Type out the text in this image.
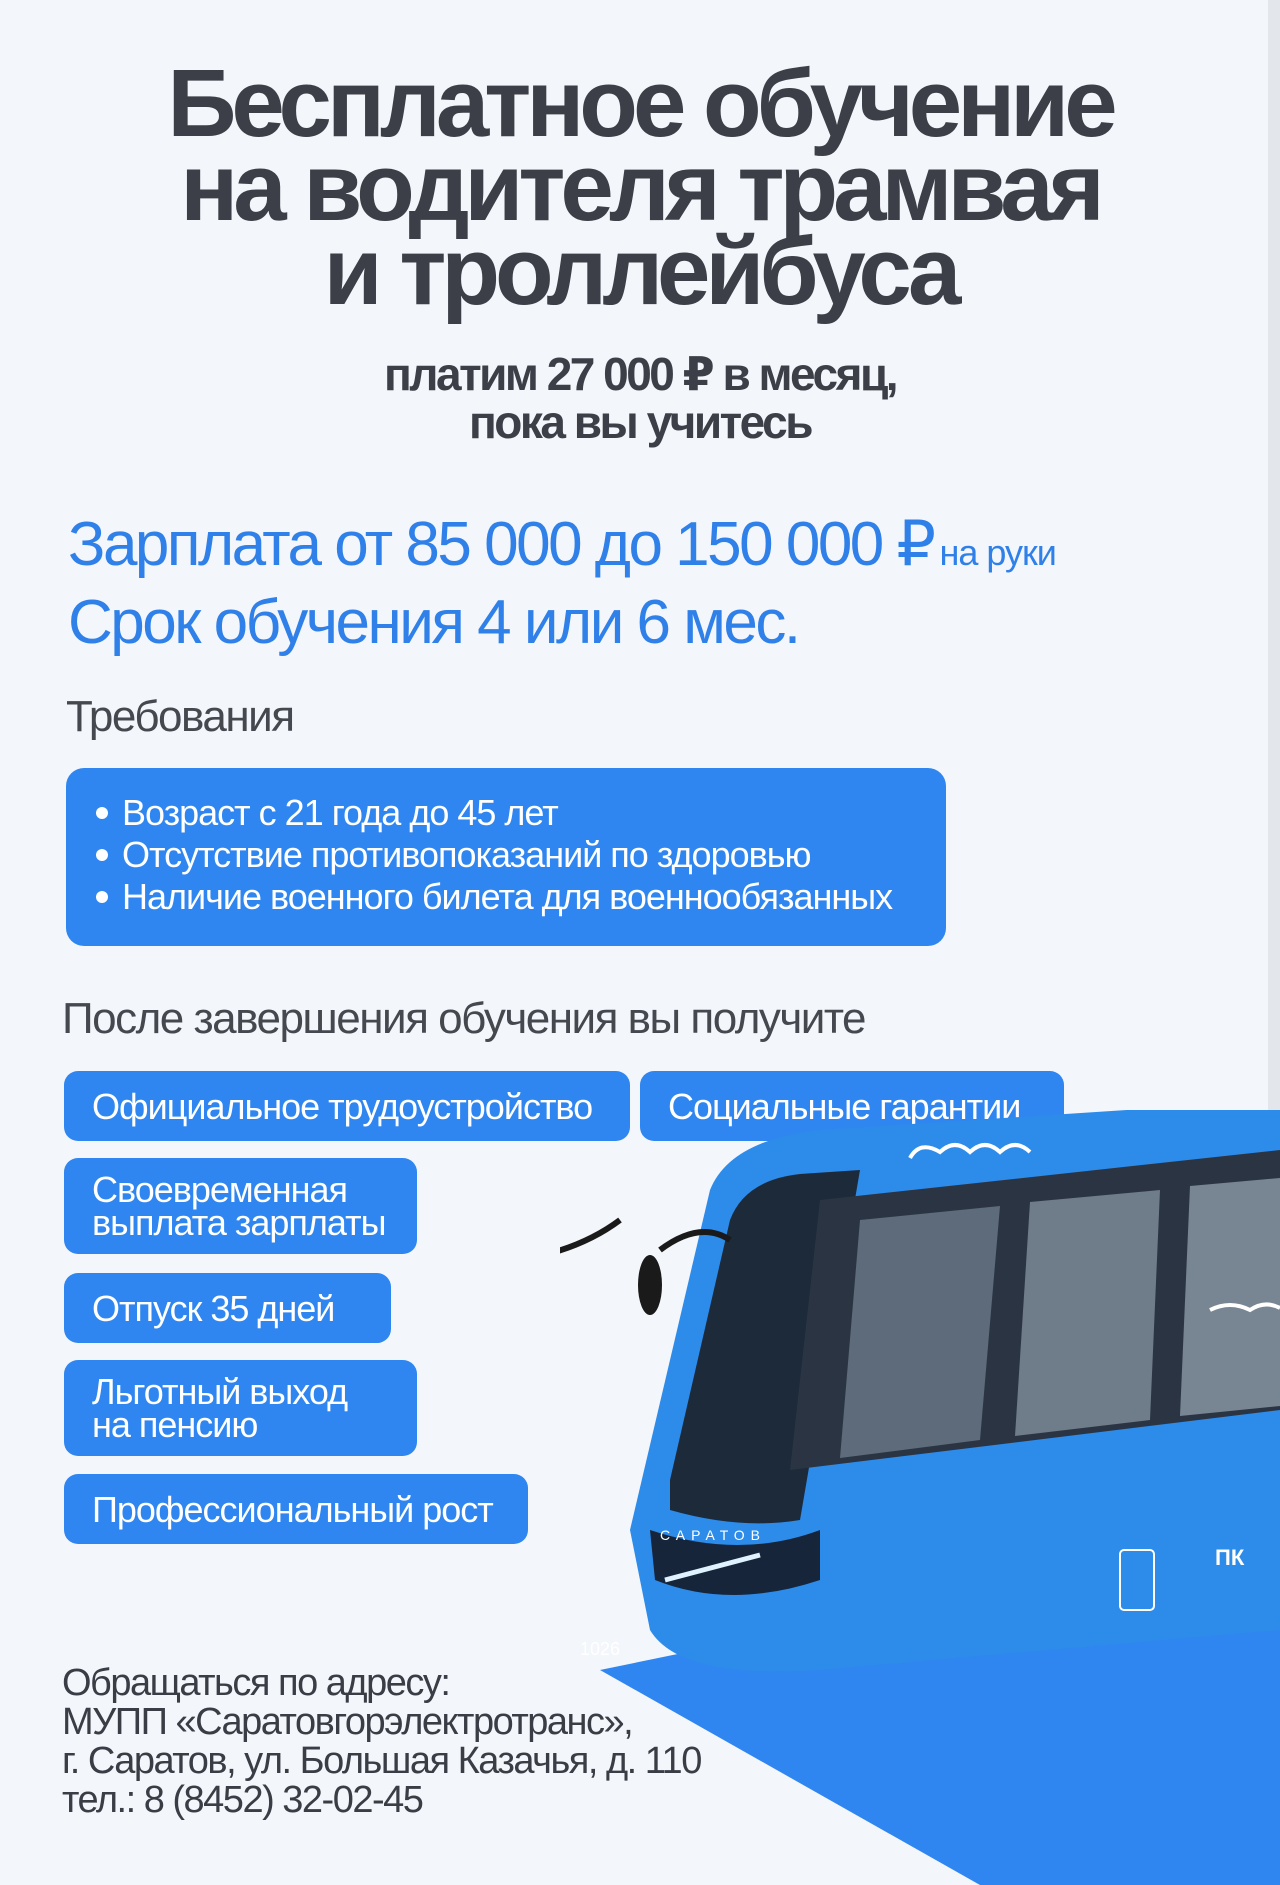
Бесплатное обучение
на водителя трамвая
и троллейбуса
платим 27 000 ₽ в месяц,
пока вы учитесь
Зарплата от 85 000 до 150 000 ₽ на руки
Срок обучения 4 или 6 мес.
Требования
Возраст с 21 года до 45 лет
Отсутствие противопоказаний по здоровью
Наличие военного билета для военнообязанных
После завершения обучения вы получите
Официальное трудоустройство Социальные гарантии
Своевременная
выплата зарплаты
Отпуск 35 дней
Льготный выход
на пенсию
Профессиональный рост
САРАТОВ
1026
ПК
Обращаться по адресу:
МУПП «Саратовгорэлектротранс»,
г. Саратов, ул. Большая Казачья, д. 110
тел.: 8 (8452) 32-02-45
